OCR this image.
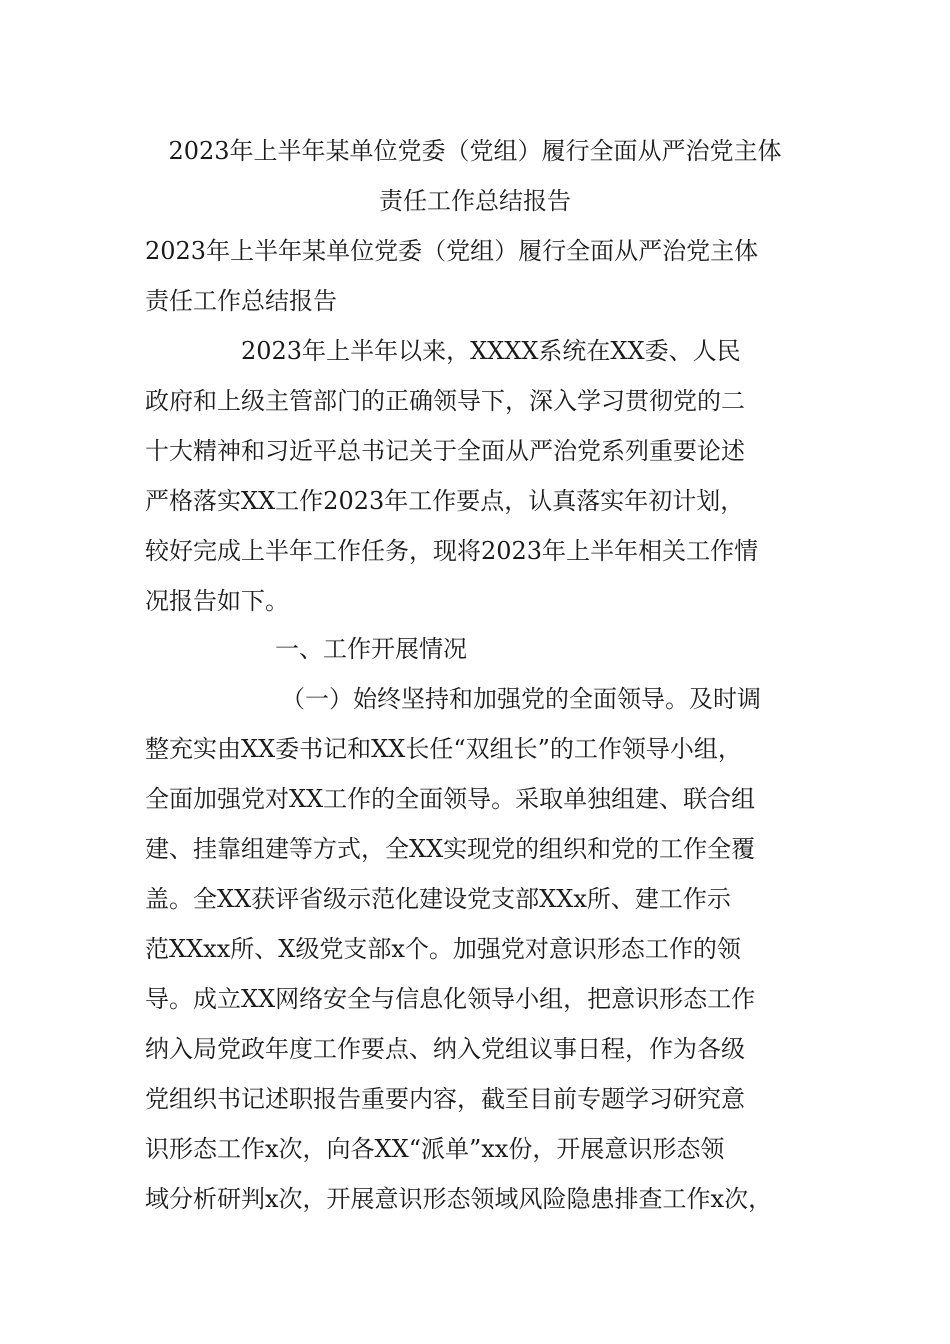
2023年上半年某单位党委（党组）履行全面从严治党主体
责任工作总结报告
2023年上半年某单位党委（党组）履行全面从严治党主体
责任工作总结报告
2023年上半年以来，XXXX系统在XX委、人民
政府和上级主管部门的正确领导下，深入学习贯彻党的二
十大精神和习近平总书记关于全面从严治党系列重要论述
严格落实XX工作2023年工作要点，认真落实年初计划，
较好完成上半年工作任务，现将2023年上半年相关工作情
况报告如下。
一、工作开展情况
（一）始终坚持和加强党的全面领导。及时调
整充实由XX委书记和XX长任“双组长”的工作领导小组，
全面加强党对XX工作的全面领导。采取单独组建、联合组
建、挂靠组建等方式，全XX实现党的组织和党的工作全覆
盖。全XX获评省级示范化建设党支部XXx所、建工作示
范XXxx所、X级党支部x个。加强党对意识形态工作的领
导。成立XX网络安全与信息化领导小组，把意识形态工作
纳入局党政年度工作要点、纳入党组议事日程，作为各级
党组织书记述职报告重要内容，截至目前专题学习研究意
识形态工作x次，向各XX“派单”xx份，开展意识形态领
域分析研判x次，开展意识形态领域风险隐患排查工作x次，
